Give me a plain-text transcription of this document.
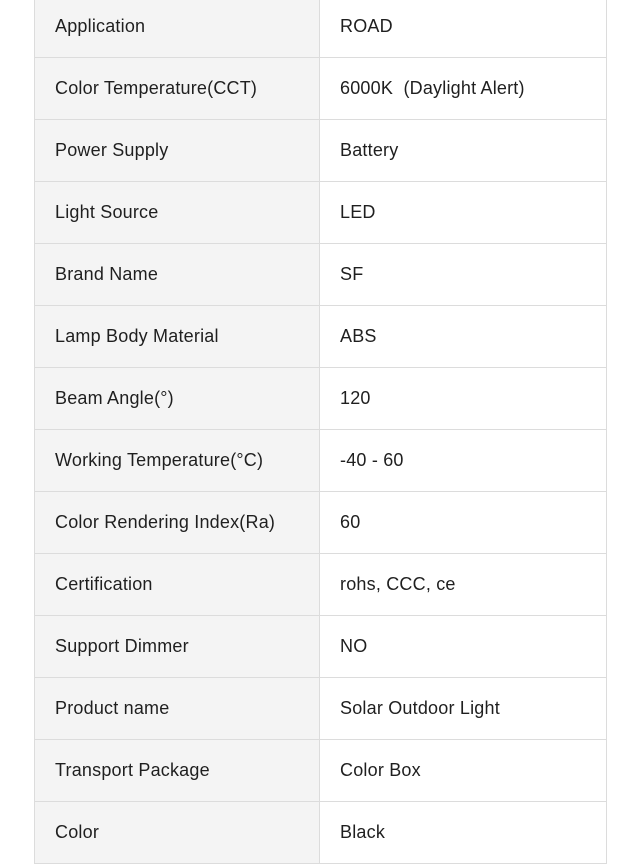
Application	ROAD
Color Temperature(CCT)	6000K  (Daylight Alert)
Power Supply	Battery
Light Source	LED
Brand Name	SF
Lamp Body Material	ABS
Beam Angle(°)	120
Working Temperature(°C)	-40 - 60
Color Rendering Index(Ra)	60
Certification	rohs, CCC, ce
Support Dimmer	NO
Product name	Solar Outdoor Light
Transport Package	Color Box
Color	Black
